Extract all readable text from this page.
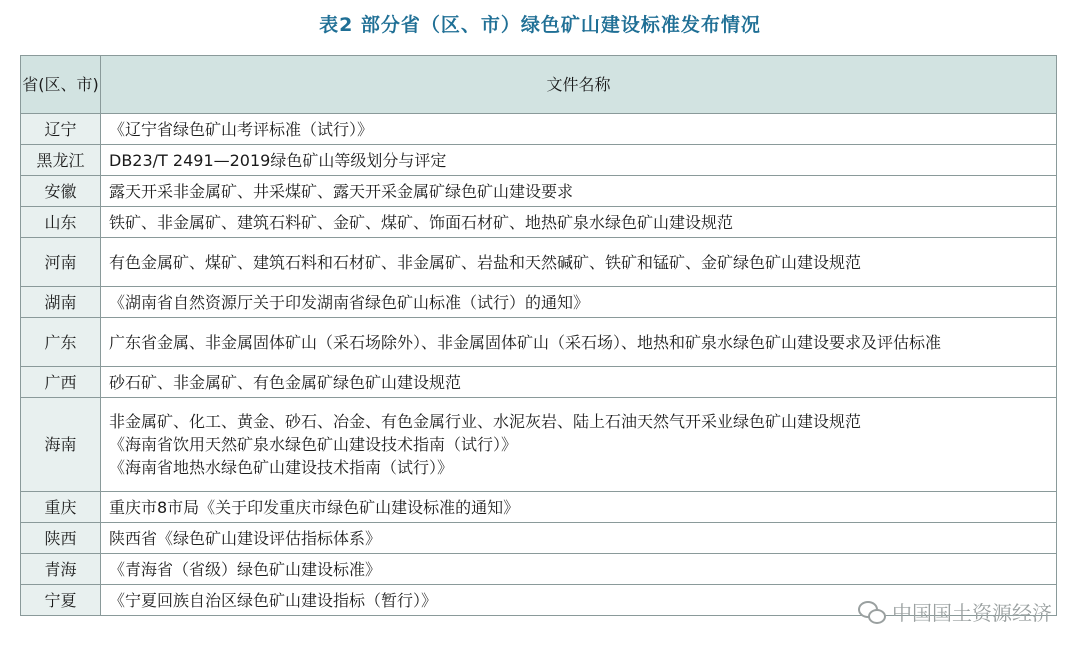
表2 部分省（区、市）绿色矿山建设标准发布情况
省(区、市)	文件名称
辽宁	《辽宁省绿色矿山考评标准（试行）》

黑龙江	DB23/T 2491—2019绿色矿山等级划分与评定

安徽	露天开采非金属矿、井采煤矿、露天开采金属矿绿色矿山建设要求

山东	铁矿、非金属矿、建筑石料矿、金矿、煤矿、饰面石材矿、地热矿泉水绿色矿山建设规范

河南	有色金属矿、煤矿、建筑石料和石材矿、非金属矿、岩盐和天然碱矿、铁矿和锰矿、金矿绿色矿山建设规范

湖南	《湖南省自然资源厅关于印发湖南省绿色矿山标准（试行）的通知》

广东	广东省金属、非金属固体矿山（采石场除外）、非金属固体矿山（采石场）、地热和矿泉水绿色矿山建设要求及评估标准

广西	砂石矿、非金属矿、有色金属矿绿色矿山建设规范

海南	非金属矿、化工、黄金、砂石、冶金、有色金属行业、水泥灰岩、陆上石油天然气开采业绿色矿山建设规范
《海南省饮用天然矿泉水绿色矿山建设技术指南（试行）》
《海南省地热水绿色矿山建设技术指南（试行）》

重庆	重庆市8市局《关于印发重庆市绿色矿山建设标准的通知》

陕西	陕西省《绿色矿山建设评估指标体系》

青海	《青海省（省级）绿色矿山建设标准》

宁夏	《宁夏回族自治区绿色矿山建设指标（暂行）》
中国国土资源经济
